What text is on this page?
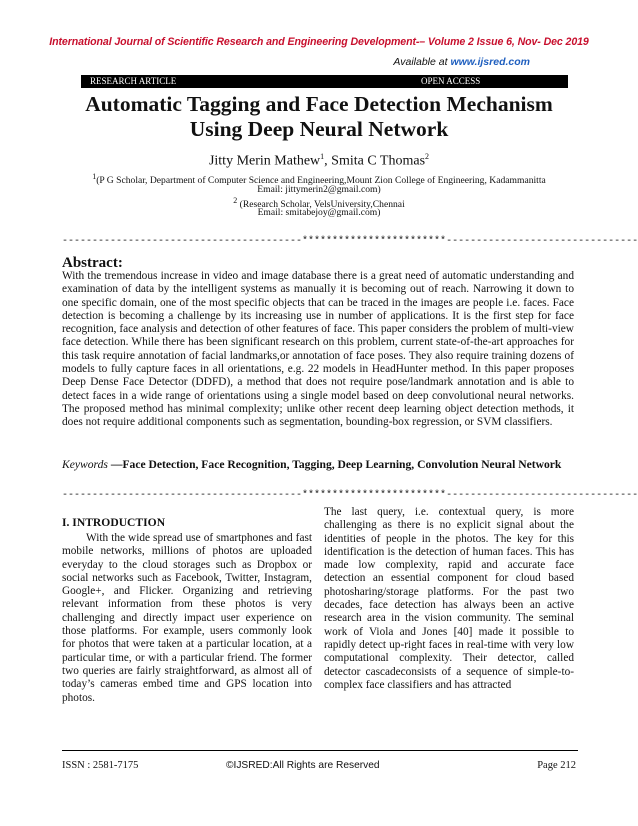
International Journal of Scientific Research and Engineering Development-– Volume 2 Issue 6, Nov- Dec 2019
Available at www.ijsred.com
RESEARCH ARTICLE	OPEN ACCESS
Automatic Tagging and Face Detection Mechanism
Using Deep Neural Network
Jitty Merin Mathew$^1$, Smita C Thomas$^2$
$^1$(P G Scholar, Department of Computer Science and Engineering,Mount Zion College of Engineering, Kadammanitta
Email: jittymerin2@gmail.com)
$^2$ (Research Scholar, VelsUniversity,Chennai
Email: smitabejoy@gmail.com)
----------------------------------------************************--------------------------------
Abstract:
With the tremendous increase in video and image database there is a great need of automatic understanding and examination of data by the intelligent systems as manually it is becoming out of reach. Narrowing it down to one specific domain, one of the most specific objects that can be traced in the images are people i.e. faces. Face detection is becoming a challenge by its increasing use in number of applications. It is the first step for face recognition, face analysis and detection of other features of face. This paper considers the problem of multi-view face detection. While there has been significant research on this problem, current state-of-the-art approaches for this task require annotation of facial landmarks,or annotation of face poses. They also require training dozens of models to fully capture faces in all orientations, e.g. 22 models in HeadHunter method. In this paper proposes Deep Dense Face Detector (DDFD), a method that does not require pose/landmark annotation and is able to detect faces in a wide range of orientations using a single model based on deep convolutional neural networks. The proposed method has minimal complexity; unlike other recent deep learning object detection methods, it does not require additional components such as segmentation, bounding-box regression, or SVM classifiers.
Keywords —Face Detection, Face Recognition, Tagging, Deep Learning, Convolution Neural Network
----------------------------------------************************--------------------------------
I. INTRODUCTION

With the wide spread use of smartphones and fast mobile networks, millions of photos are uploaded everyday to the cloud storages such as Dropbox or social networks such as Facebook, Twitter, Instagram, Google+, and Flicker. Organizing and retrieving relevant information from these photos is very challenging and directly impact user experience on those platforms. For example, users commonly look for photos that were taken at a particular location, at a particular time, or with a particular friend. The former two queries are fairly straightforward, as almost all of today’s cameras embed time and GPS location into photos.

The last query, i.e. contextual query, is more challenging as there is no explicit signal about the identities of people in the photos. The key for this identification is the detection of human faces. This has made low complexity, rapid and accurate face detection an essential component for cloud based photosharing/storage platforms. For the past two decades, face detection has always been an active research area in the vision community. The seminal work of Viola and Jones [40] made it possible to rapidly detect up-right faces in real-time with very low computational complexity. Their detector, called detector cascadeconsists of a sequence of simple-to-complex face classifiers and has attracted

ISSN : 2581-7175	©IJSRED:All Rights are Reserved	Page 212
